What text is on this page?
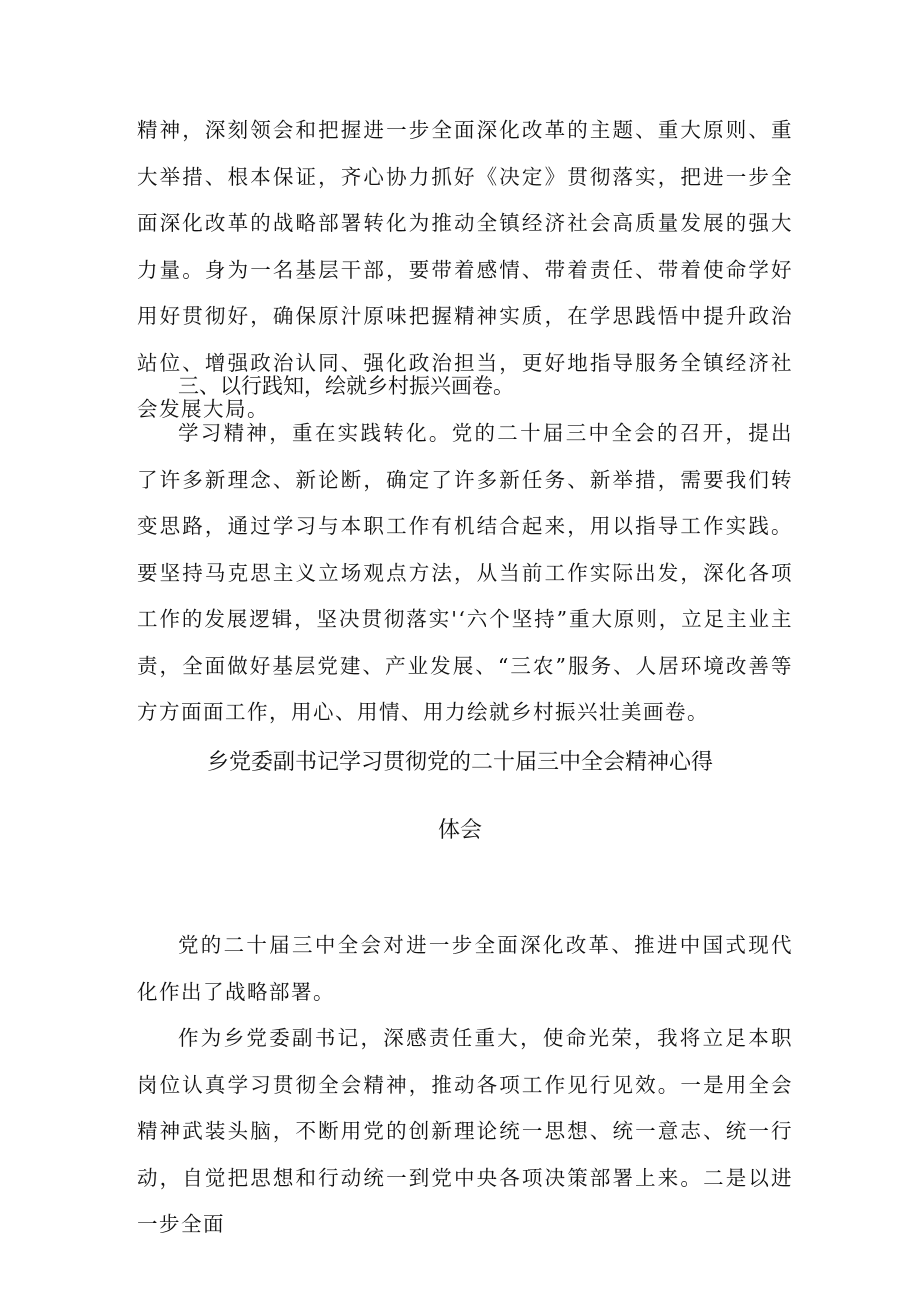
精神，深刻领会和把握进一步全面深化改革的主题、重大原则、重大举措、根本保证，齐心协力抓好《决定》贯彻落实，把进一步全面深化改革的战略部署转化为推动全镇经济社会高质量发展的强大力量。身为一名基层干部，要带着感情、带着责任、带着使命学好用好贯彻好，确保原汁原味把握精神实质，在学思践悟中提升政治站位、增强政治认同、强化政治担当，更好地指导服务全镇经济社会发展大局。

三、以行践知，绘就乡村振兴画卷。

学习精神，重在实践转化。党的二十届三中全会的召开，提出了许多新理念、新论断，确定了许多新任务、新举措，需要我们转变思路，通过学习与本职工作有机结合起来，用以指导工作实践。要坚持马克思主义立场观点方法，从当前工作实际出发，深化各项工作的发展逻辑，坚决贯彻落实'‘六个坚持”重大原则，立足主业主责，全面做好基层党建、产业发展、“三农”服务、人居环境改善等方方面面工作，用心、用情、用力绘就乡村振兴壮美画卷。

乡党委副书记学习贯彻党的二十届三中全会精神心得
体会

党的二十届三中全会对进一步全面深化改革、推进中国式现代化作出了战略部署。

作为乡党委副书记，深感责任重大，使命光荣，我将立足本职岗位认真学习贯彻全会精神，推动各项工作见行见效。一是用全会精神武装头脑，不断用党的创新理论统一思想、统一意志、统一行动，自觉把思想和行动统一到党中央各项决策部署上来。二是以进一步全面
